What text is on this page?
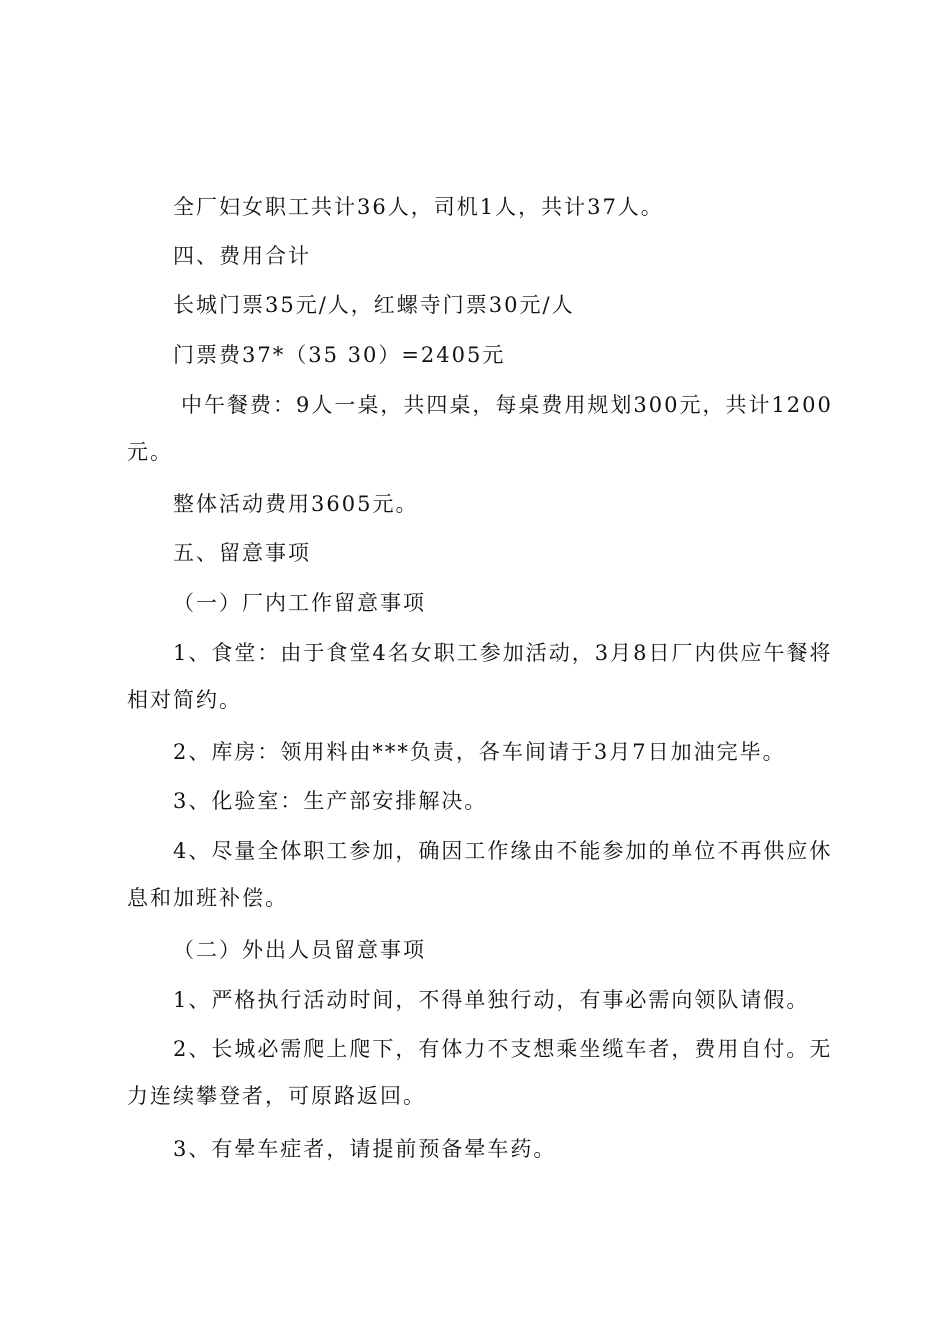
全厂妇女职工共计36人，司机1人，共计37人。
四、费用合计
长城门票35元/人，红螺寺门票30元/人
门票费37*（35 30）=2405元
中午餐费：9人一桌，共四桌，每桌费用规划300元，共计1200元。
整体活动费用3605元。
五、留意事项
（一）厂内工作留意事项
1、食堂：由于食堂4名女职工参加活动，3月8日厂内供应午餐将相对简约。
2、库房：领用料由***负责，各车间请于3月7日加油完毕。
3、化验室：生产部安排解决。
4、尽量全体职工参加，确因工作缘由不能参加的单位不再供应休息和加班补偿。
（二）外出人员留意事项
1、严格执行活动时间，不得单独行动，有事必需向领队请假。
2、长城必需爬上爬下，有体力不支想乘坐缆车者，费用自付。无力连续攀登者，可原路返回。
3、有晕车症者，请提前预备晕车药。
